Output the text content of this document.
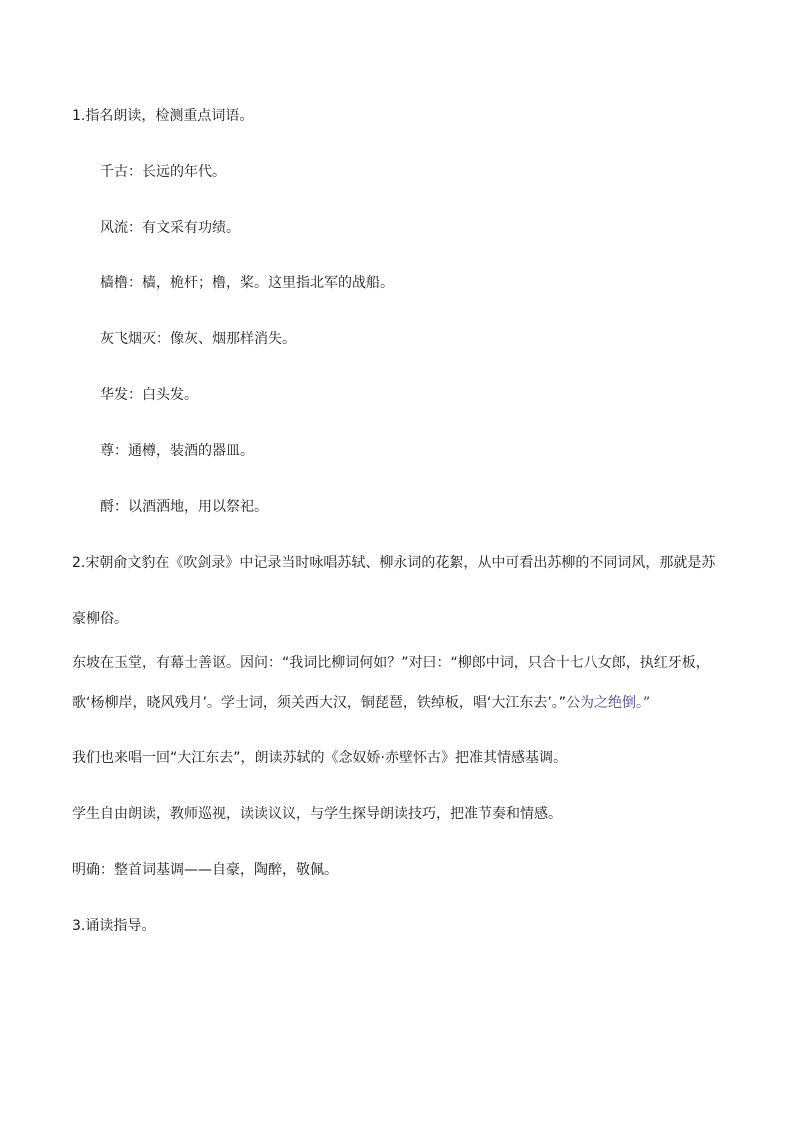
1.指名朗读，检测重点词语。
千古：长远的年代。
风流：有文采有功绩。
樯橹：樯，桅杆；橹，桨。这里指北军的战船。
灰飞烟灭：像灰、烟那样消失。
华发：白头发。
尊：通樽，装酒的器皿。
酹：以酒洒地，用以祭祀。
2.宋朝俞文豹在《吹剑录》中记录当时咏唱苏轼、柳永词的花絮，从中可看出苏柳的不同词风，那就是苏
豪柳俗。
东坡在玉堂，有幕士善讴。因问：“我词比柳词何如？”对曰：“柳郎中词，只合十七八女郎，执红牙板，
歌‘杨柳岸，晓风残月’。学士词，须关西大汉，铜琵琶，铁绰板，唱‘大江东去’。”公为之绝倒。”
我们也来唱一回“大江东去”，朗读苏轼的《念奴娇·赤壁怀古》把准其情感基调。
学生自由朗读，教师巡视，读读议议，与学生探导朗读技巧，把准节奏和情感。
明确：整首词基调——自豪，陶醉，敬佩。
3.诵读指导。
